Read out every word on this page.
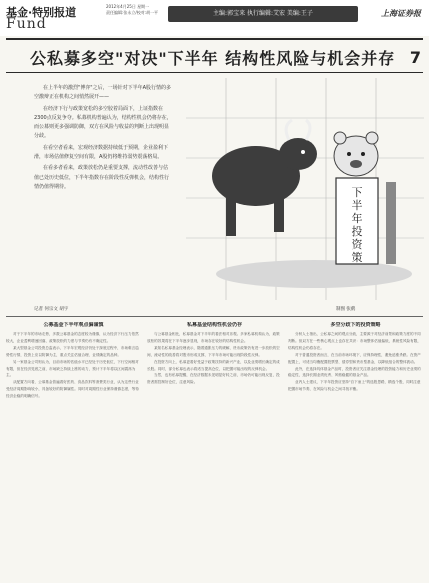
基金·特别报道
Fund
2012年4月25日 星期一
责任编辑:张永立/校对:胡一平	主编:郭宝来 执行编辑:艾宏 美编:王子	上海证券报
公私募多空"对决"下半年 结构性风险与机会并存 7

在上半年的激烈"博弈"之后，一场针对下半年A股行情的多空激辩正在机构之间悄然展开——

在经济下行与政策宽松的多空胶着局面下，上证指数在2300点反复争夺。私募机构普遍认为，结构性机会仍将存在，而公募则更多强调防御，双方在风险与收益的判断上出现明显分歧。

在看空者看来，宏观经济数据持续低于预期，企业盈利下滑，市场估值修复空间有限，A股仍将维持弱势震荡格局。

在看多者看来，政策放松仍是重要支撑，流动性改善与估值已处历史低位，下半年指数存在阶段性反弹机会，结构性行情仍值得期待。

记者 何宗文 胡宇	制图 张鹤
下
半
年
投
资
策
公募基金下半年观点偏谨慎

对于下半年的市场走势，多数公募基金的态度较为谨慎，认为经济下行压力依然较大，企业盈利增速回落，政策放松的力度与节奏仍有不确定性。

某大型基金公司投资总监表示，下半年宏观经济仍处于探底过程中，市场难言趋势性行情，投资上应以防御为主，重点关注估值合理、业绩确定的品种。

另一家基金公司则认为，目前市场的估值水平已经处于历史低位，下行空间相对有限，但在经济见底之前，市场缺乏持续上涨的动力，预计下半年将以区间震荡为主。

从配置方向看，公募基金普遍看好医药、食品饮料等消费类行业，认为这些行业受经济周期影响较小，具备较好的防御属性。同时对周期性行业保持谨慎态度，等待经济企稳的明确信号。

私募基金结构性机会仍存

与公募基金相比，私募基金对下半年的看法相对乐观。多家私募机构认为，政策放松的效果将在下半年逐步显现，市场存在较好的结构性机会。

某知名私募基金经理表示，随着通胀压力的缓解，货币政策仍有进一步放松的空间，流动性的改善将对股市形成支撑，下半年市场可能出现阶段性反弹。

在投资方向上，私募更看好受益于政策扶持的新兴产业，以及业绩增长确定的成长股。同时，部分私募也表示将适当提高仓位，以把握可能出现的反弹机会。

当然，也有私募提醒，在经济数据未见明显好转之前，市场仍可能出现反复，投资者需控制好仓位，注意风险。

多空分歧下的投资策略

分析人士指出，公私募之间的观点分歧，主要源于对经济前景和政策力度的不同判断。但双方在一些核心观点上也存在共识：市场整体估值偏低，系统性风险有限，结构性机会仍将存在。

对于普通投资者而言，在当前市场环境下，应保持理性，避免追涨杀跌。在资产配置上，可适当均衡配置股票型、债券型和货币型基金，以降低组合的整体波动。

此外，在选择具体基金产品时，投资者应关注基金经理的投资能力和历史业绩的稳定性，选择长期业绩优秀、风格稳健的基金产品。

业内人士建议，下半年投资应坚持"自下而上"的选股思路，精选个股，同时注意把握市场节奏，在风险与机会之间寻找平衡。
